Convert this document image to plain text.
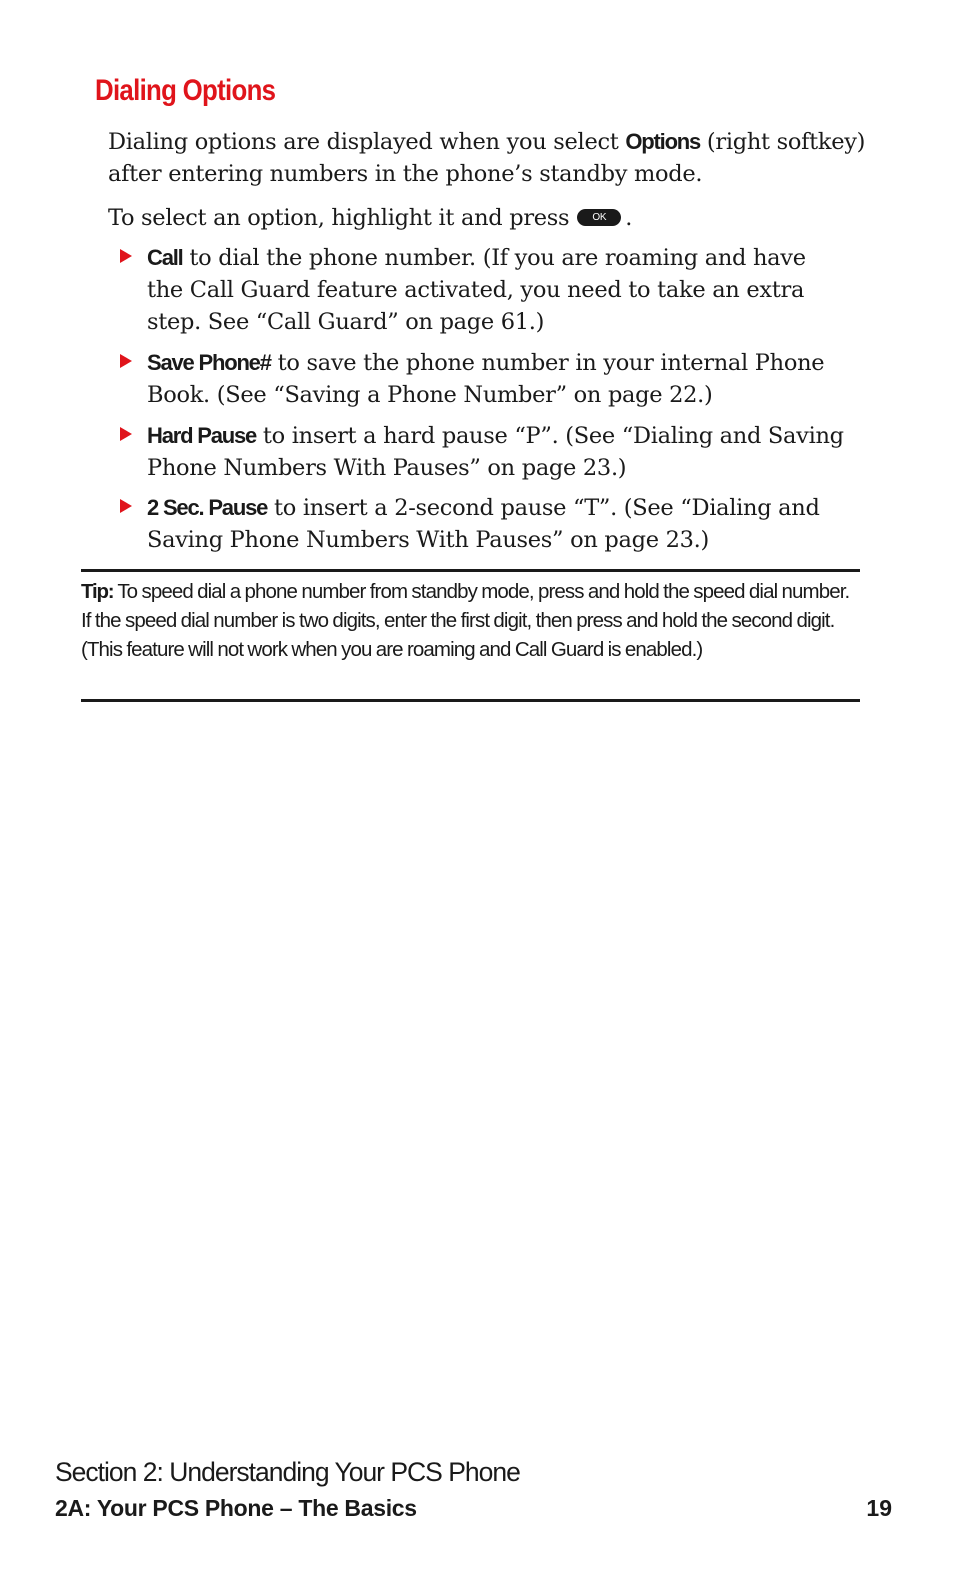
Dialing Options

Dialing options are displayed when you select Options (right softkey) after entering numbers in the phone’s standby mode.

To select an option, highlight it and press OK .

Call to dial the phone number. (If you are roaming and have the Call Guard feature activated, you need to take an extra step. See “Call Guard” on page 61.)

Save Phone# to save the phone number in your internal Phone Book. (See “Saving a Phone Number” on page 22.)

Hard Pause to insert a hard pause “P”. (See “Dialing and Saving Phone Numbers With Pauses” on page 23.)

2 Sec. Pause to insert a 2-second pause “T”. (See “Dialing and Saving Phone Numbers With Pauses” on page 23.)

Tip: To speed dial a phone number from standby mode, press and hold the speed dial number. If the speed dial number is two digits, enter the first digit, then press and hold the second digit. (This feature will not work when you are roaming and Call Guard is enabled.)

Section 2: Understanding Your PCS Phone

2A: Your PCS Phone – The Basics	19
